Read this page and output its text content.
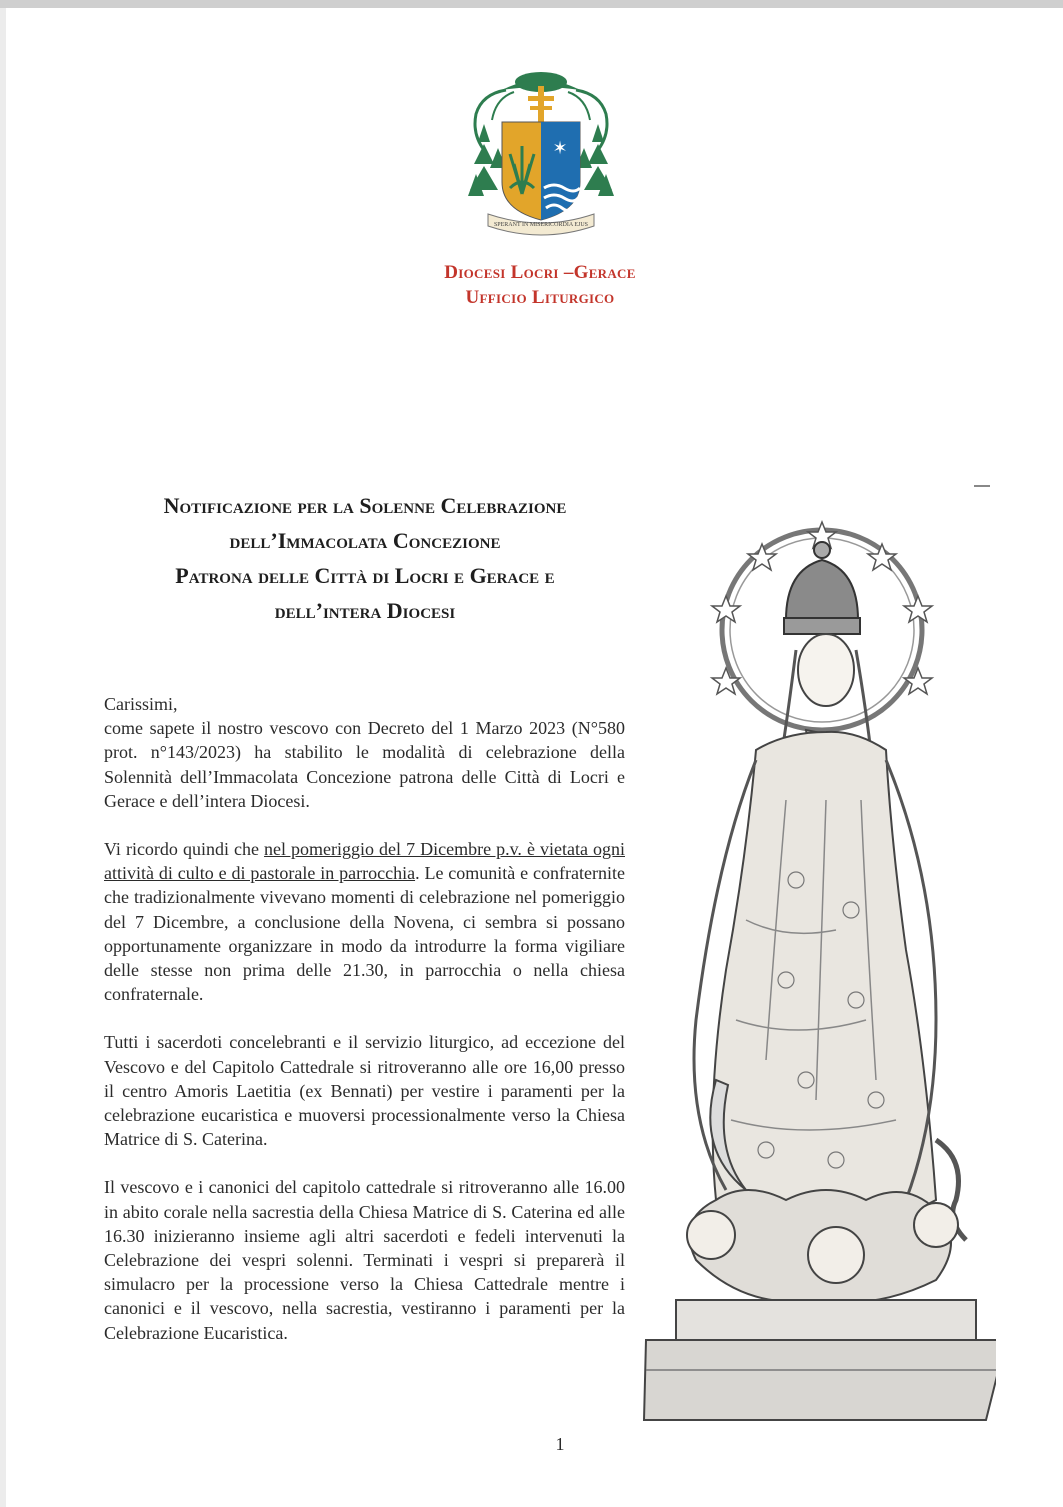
✶
SPERANT IN MISERICORDIA EJUS
Diocesi Locri –Gerace
Ufficio Liturgico
Notificazione per la Solenne Celebrazione
dell’Immacolata Concezione
Patrona delle Città di Locri e Gerace e
dell’intera Diocesi

Carissimi,

come sapete il nostro vescovo con Decreto del 1 Marzo 2023 (N°580 prot. n°143/2023) ha stabilito le modalità di celebrazione della Solennità dell’Immacolata Concezione patrona delle Città di Locri e Gerace e dell’intera Diocesi.

Vi ricordo quindi che nel pomeriggio del 7 Dicembre p.v. è vietata ogni attività di culto e di pastorale in parrocchia. Le comunità e confraternite che tradizionalmente vivevano momenti di celebrazione nel pomeriggio del 7 Dicembre, a conclusione della Novena, ci sembra si possano opportunamente organizzare in modo da introdurre la forma vigiliare delle stesse non prima delle 21.30, in parrocchia o nella chiesa confraternale.

Tutti i sacerdoti concelebranti e il servizio liturgico, ad eccezione del Vescovo e del Capitolo Cattedrale si ritroveranno alle ore 16,00 presso il centro Amoris Laetitia (ex Bennati) per vestire i paramenti per la celebrazione eucaristica e muoversi processionalmente verso la Chiesa Matrice di S. Caterina.

Il vescovo e i canonici del capitolo cattedrale si ritroveranno alle 16.00 in abito corale nella sacrestia della Chiesa Matrice di S. Caterina ed alle 16.30 inizieranno insieme agli altri sacerdoti e fedeli intervenuti la Celebrazione dei vespri solenni. Terminati i vespri si preparerà il simulacro per la processione verso la Chiesa Cattedrale mentre i canonici e il vescovo, nella sacrestia, vestiranno i paramenti per la Celebrazione Eucaristica.

1
